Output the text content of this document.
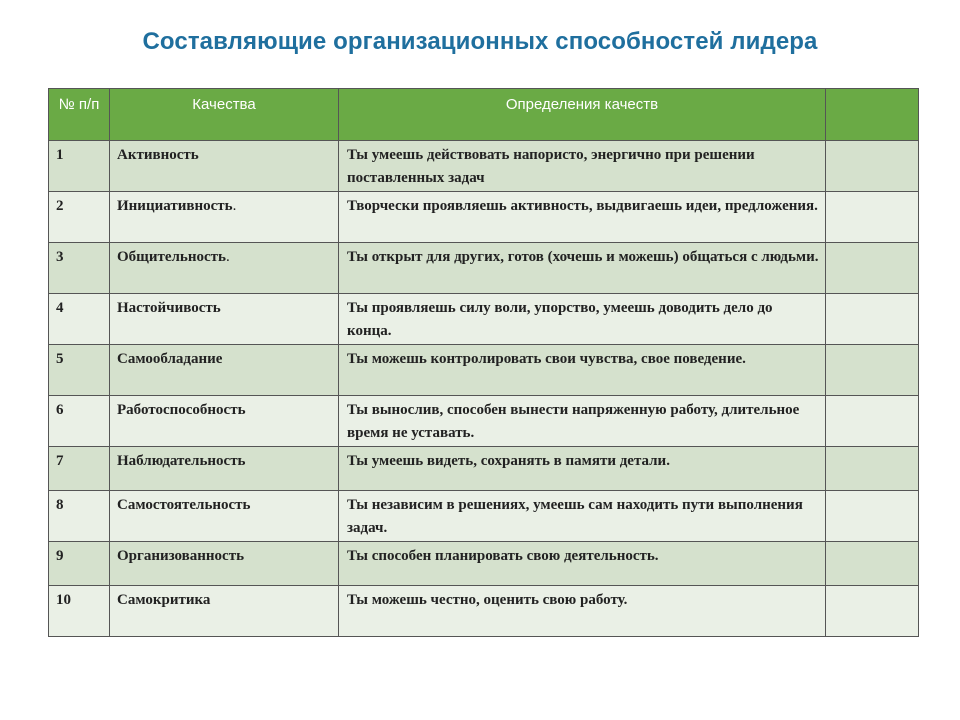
Составляющие организационных способностей лидера
№ п/п	Качества	Определения качеств	
1	Активность	Ты умеешь действовать напористо, энергично при решении поставленных задач	
2	Инициативность.	Творчески проявляешь активность, выдвигаешь идеи, предложения.	
3	Общительность.	Ты открыт для других, готов (хочешь и можешь) общаться с людьми.	
4	Настойчивость	Ты проявляешь силу воли, упорство, умеешь доводить дело до конца.	
5	Самообладание	Ты можешь контролировать свои чувства, свое поведение.	
6	Работоспособность	Ты вынослив, способен вынести напряженную работу, длительное время не уставать.	
7	Наблюдательность	Ты умеешь видеть, сохранять в памяти детали.	
8	Самостоятельность	Ты независим в решениях, умеешь сам находить пути выполнения задач.	
9	Организованность	Ты способен планировать свою деятельность.	
10	Самокритика	Ты можешь честно, оценить свою работу.	
